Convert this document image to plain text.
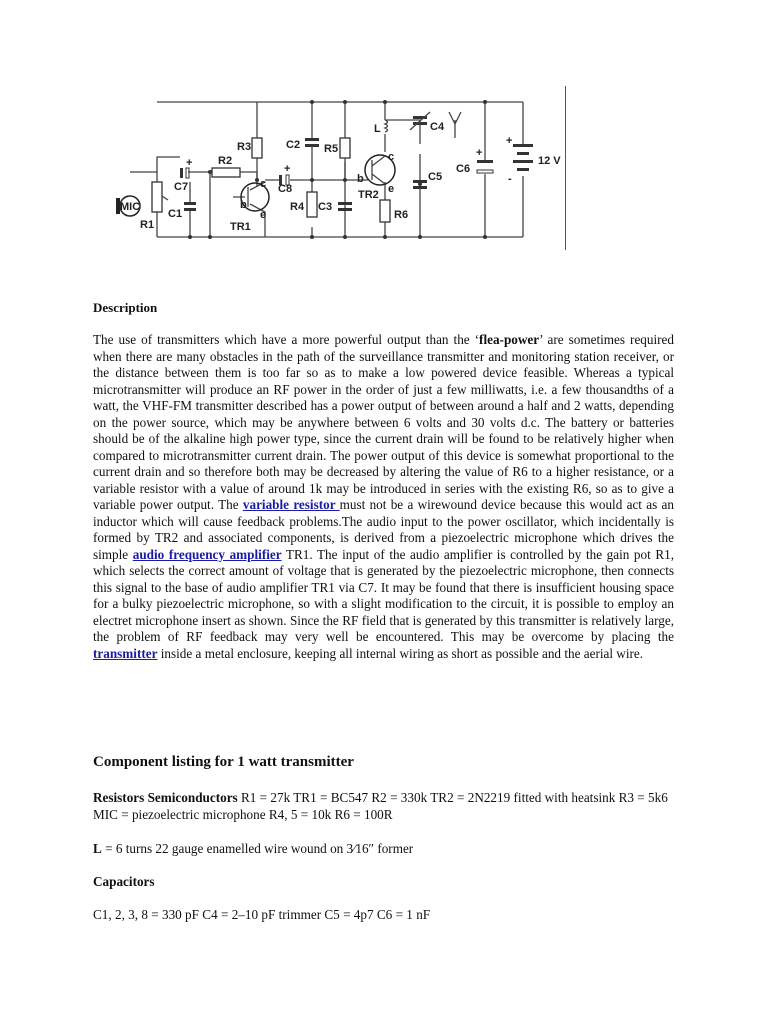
MIC
R1
C1
C7
+ R2
R3
TR1
b
c
e
C8
+
C2 R5
R4 C3
TR2
b
c
e
R6
L	C4
C5
C6
+
12 V
+
-
Description
The use of transmitters which have a more powerful output than the ‘flea-power’ are sometimes required when there are many obstacles in the path of the surveillance transmitter and monitoring station receiver, or the distance between them is too far so as to make a low powered device feasible. Whereas a typical microtransmitter will produce an RF power in the order of just a few milliwatts, i.e. a few thousandths of a watt, the VHF-FM transmitter described has a power output of between around a half and 2 watts, depending on the power source, which may be anywhere between 6 volts and 30 volts d.c. The battery or batteries should be of the alkaline high power type, since the current drain will be found to be relatively higher when compared to microtransmitter current drain. The power output of this device is somewhat proportional to the current drain and so therefore both may be decreased by altering the value of R6 to a higher resistance, or a variable resistor with a value of around 1k may be introduced in series with the existing R6, so as to give a variable power output. The variable resistor must not be a wirewound device because this would act as an inductor which will cause feedback problems.The audio input to the power oscillator, which incidentally is formed by TR2 and associated components, is derived from a piezoelectric microphone which drives the simple audio frequency amplifier TR1. The input of the audio amplifier is controlled by the gain pot R1, which selects the correct amount of voltage that is generated by the piezoelectric microphone, then connects this signal to the base of audio amplifier TR1 via C7. It may be found that there is insufficient housing space for a bulky piezoelectric microphone, so with a slight modification to the circuit, it is possible to employ an electret microphone insert as shown. Since the RF field that is generated by this transmitter is relatively large, the problem of RF feedback may very well be encountered. This may be overcome by placing the transmitter inside a metal enclosure, keeping all internal wiring as short as possible and the aerial wire.
Component listing for 1 watt transmitter
Resistors Semiconductors R1 = 27k TR1 = BC547 R2 = 330k TR2 = 2N2219 fitted with heatsink R3 = 5k6 MIC = piezoelectric microphone R4, 5 = 10k R6 = 100R
L = 6 turns 22 gauge enamelled wire wound on 3⁄16″ former
Capacitors
C1, 2, 3, 8 = 330 pF C4 = 2–10 pF trimmer C5 = 4p7 C6 = 1 nF
